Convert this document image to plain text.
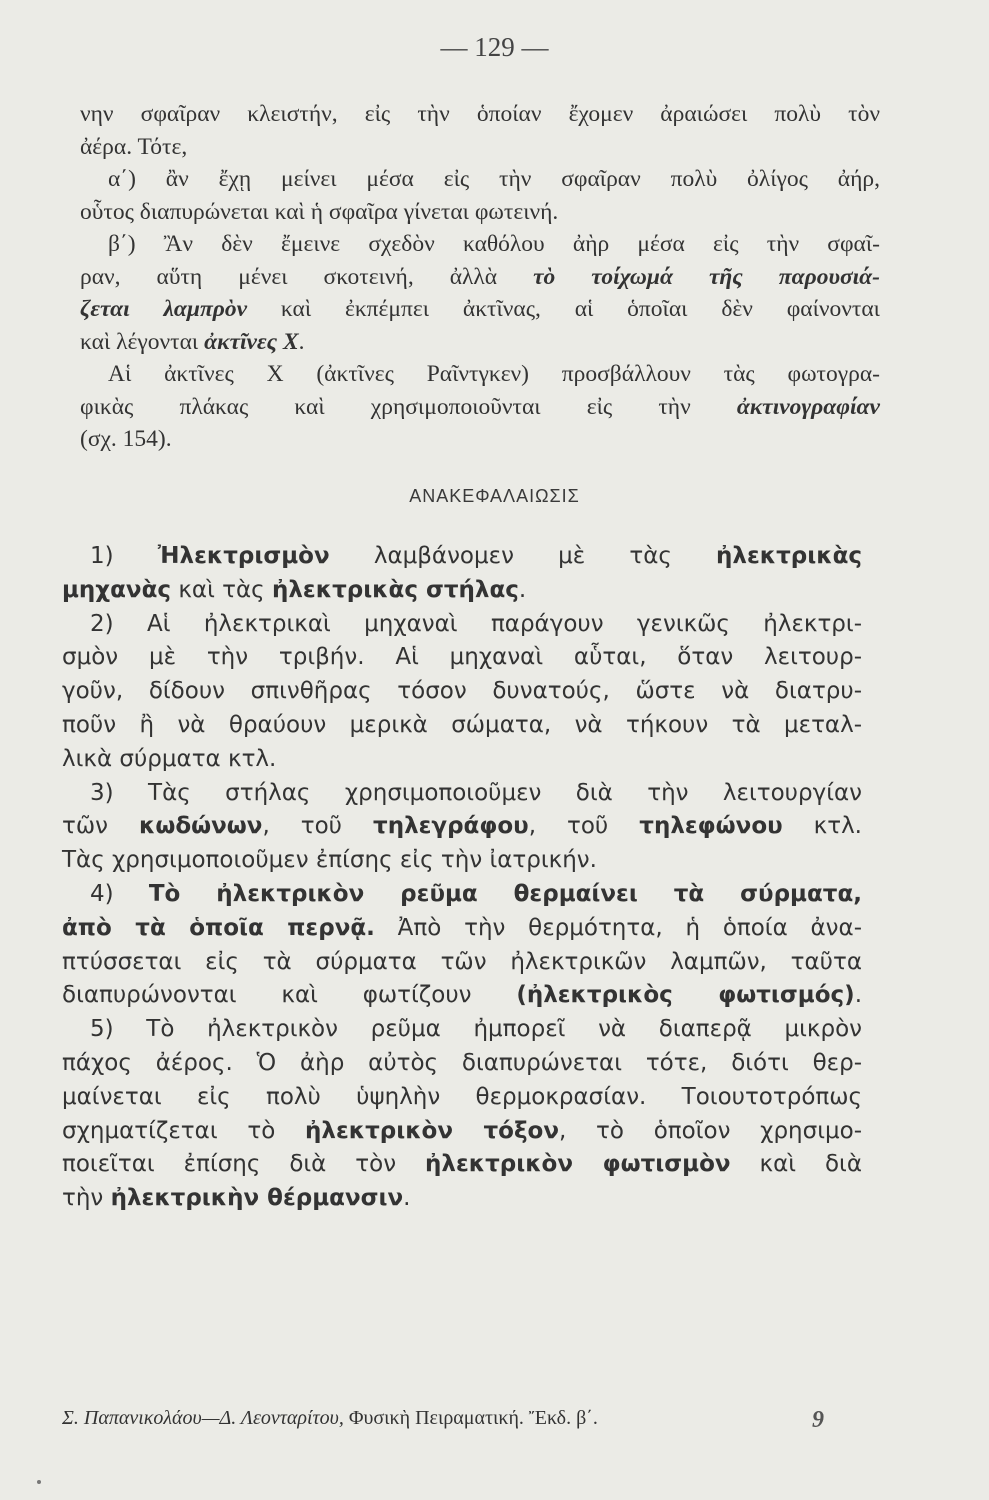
— 129 —
νην σφαῖραν κλειστήν, εἰς τὴν ὁποίαν ἔχομεν ἀραιώσει πολὺ τὸν
ἀέρα. Τότε,
α΄) ἂν ἔχῃ μείνει μέσα εἰς τὴν σφαῖραν πολὺ ὀλίγος ἀήρ,
οὗτος διαπυρώνεται καὶ ἡ σφαῖρα γίνεται φωτεινή.
β΄) Ἂν δὲν ἔμεινε σχεδὸν καθόλου ἀὴρ μέσα εἰς τὴν σφαῖ-
ραν, αὕτη μένει σκοτεινή, ἀλλὰ τὸ τοίχωμά τῆς παρουσιά-
ζεται λαμπρὸν καὶ ἐκπέμπει ἀκτῖνας, αἱ ὁποῖαι δὲν φαίνονται
καὶ λέγονται ἀκτῖνες X.
Αἱ ἀκτῖνες X (ἀκτῖνες Ραῖντγκεν) προσβάλλουν τὰς φωτογρα-
φικὰς πλάκας καὶ χρησιμοποιοῦνται εἰς τὴν ἀκτινογραφίαν
(σχ. 154).
ΑΝΑΚΕΦΑΛΑΙΩΣΙΣ
1) Ἠλεκτρισμὸν λαμβάνομεν μὲ τὰς ἠλεκτρικὰς
μηχανὰς καὶ τὰς ἠλεκτρικὰς στήλας.
2) Αἱ ἠλεκτρικαὶ μηχαναὶ παράγουν γενικῶς ἠλεκτρι-
σμὸν μὲ τὴν τριβήν. Αἱ μηχαναὶ αὗται, ὅταν λειτουρ-
γοῦν, δίδουν σπινθῆρας τόσον δυνατούς, ὥστε νὰ διατρυ-
ποῦν ἢ νὰ θραύουν μερικὰ σώματα, νὰ τήκουν τὰ μεταλ-
λικὰ σύρματα κτλ.
3) Τὰς στήλας χρησιμοποιοῦμεν διὰ τὴν λειτουργίαν
τῶν κωδώνων, τοῦ τηλεγράφου, τοῦ τηλεφώνου κτλ.
Τὰς χρησιμοποιοῦμεν ἐπίσης εἰς τὴν ἰατρικήν.
4) Τὸ ἠλεκτρικὸν ρεῦμα θερμαίνει τὰ σύρματα,
ἀπὸ τὰ ὁποῖα περνᾷ. Ἀπὸ τὴν θερμότητα, ἡ ὁποία ἀνα-
πτύσσεται εἰς τὰ σύρματα τῶν ἠλεκτρικῶν λαμπῶν, ταῦτα
διαπυρώνονται καὶ φωτίζουν (ἠλεκτρικὸς φωτισμός).
5) Τὸ ἠλεκτρικὸν ρεῦμα ἠμπορεῖ νὰ διαπερᾷ μικρὸν
πάχος ἀέρος. Ὁ ἀὴρ αὐτὸς διαπυρώνεται τότε, διότι θερ-
μαίνεται εἰς πολὺ ὑψηλὴν θερμοκρασίαν. Τοιουτοτρόπως
σχηματίζεται τὸ ἠλεκτρικὸν τόξον, τὸ ὁποῖον χρησιμο-
ποιεῖται ἐπίσης διὰ τὸν ἠλεκτρικὸν φωτισμὸν καὶ διὰ
τὴν ἠλεκτρικὴν θέρμανσιν.
Σ. Παπανικολάου—Δ. Λεονταρίτου, Φυσικὴ Πειραματική. Ἔκδ. β΄.	9
